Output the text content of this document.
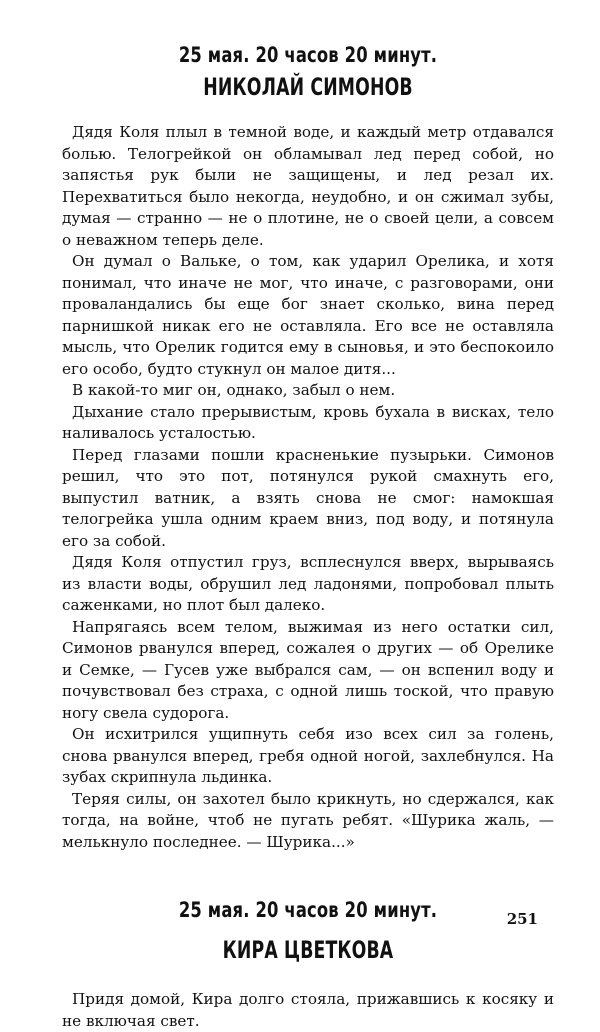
25 мая. 20 часов 20 минут.
НИКОЛАЙ СИМОНОВ

Дядя Коля плыл в темной воде, и каждый метр отдавался болью. Телогрейкой он обламывал лед перед собой, но запястья рук были не защищены, и лед резал их. Перехватиться было некогда, неудобно, и он сжимал зубы, думая — странно — не о плотине, не о своей цели, а совсем о неважном теперь деле.

Он думал о Вальке, о том, как ударил Орелика, и хотя понимал, что иначе не мог, что иначе, с разговорами, они проваландались бы еще бог знает сколько, вина перед парнишкой никак его не оставляла. Его все не оставляла мысль, что Орелик годится ему в сыновья, и это беспокоило его особо, будто стукнул он малое дитя...

В какой-то миг он, однако, забыл о нем.

Дыхание стало прерывистым, кровь бухала в висках, тело наливалось усталостью.

Перед глазами пошли красненькие пузырьки. Симонов решил, что это пот, потянулся рукой смахнуть его, выпустил ватник, а взять снова не смог: намокшая телогрейка ушла одним краем вниз, под воду, и потянула его за собой.

Дядя Коля отпустил груз, всплеснулся вверх, вырываясь из власти воды, обрушил лед ладонями, попробовал плыть саженками, но плот был далеко.

Напрягаясь всем телом, выжимая из него остатки сил, Симонов рванулся вперед, сожалея о других — об Орелике и Семке, — Гусев уже выбрался сам, — он вспенил воду и почувствовал без страха, с одной лишь тоской, что правую ногу свела судорога.

Он исхитрился ущипнуть себя изо всех сил за голень, снова рванулся вперед, гребя одной ногой, захлебнулся. На зубах скрипнула льдинка.

Теряя силы, он захотел было крикнуть, но сдержался, как тогда, на войне, чтоб не пугать ребят. «Шурика жаль, — мелькнуло последнее. — Шурика...»

25 мая. 20 часов 20 минут.
КИРА ЦВЕТКОВА

Придя домой, Кира долго стояла, прижавшись к косяку и не включая свет.

251
